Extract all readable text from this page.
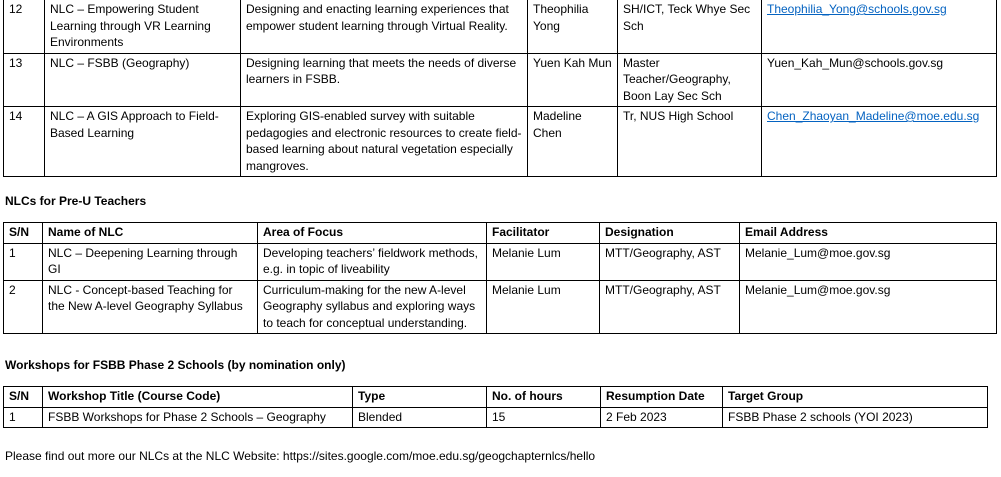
12	NLC – Empowering Student Learning through VR Learning Environments	Designing and enacting learning experiences that empower student learning through Virtual Reality.	Theophilia Yong	SH/ICT, Teck Whye Sec Sch	Theophilia_Yong@schools.gov.sg
13	NLC – FSBB (Geography)	Designing learning that meets the needs of diverse learners in FSBB.	Yuen Kah Mun	Master Teacher/Geography, Boon Lay Sec Sch	Yuen_Kah_Mun@schools.gov.sg
14	NLC – A GIS Approach to Field-Based Learning	Exploring GIS-enabled survey with suitable pedagogies and electronic resources to create field-based learning about natural vegetation especially mangroves.	Madeline Chen	Tr, NUS High School	Chen_Zhaoyan_Madeline@moe.edu.sg
NLCs for Pre-U Teachers
S/N	Name of NLC	Area of Focus	Facilitator	Designation	Email Address
1	NLC – Deepening Learning through GI	Developing teachers’ fieldwork methods, e.g. in topic of liveability	Melanie Lum	MTT/Geography, AST	Melanie_Lum@moe.gov.sg
2	NLC - Concept-based Teaching for the New A-level Geography Syllabus	Curriculum-making for the new A-level Geography syllabus and exploring ways to teach for conceptual understanding.	Melanie Lum	MTT/Geography, AST	Melanie_Lum@moe.gov.sg
Workshops for FSBB Phase 2 Schools (by nomination only)
S/N	Workshop Title (Course Code)	Type	No. of hours	Resumption Date	Target Group
1	FSBB Workshops for Phase 2 Schools – Geography	Blended	15	2 Feb 2023	FSBB Phase 2 schools (YOI 2023)
Please find out more our NLCs at the NLC Website: https://sites.google.com/moe.edu.sg/geogchapternlcs/hello
